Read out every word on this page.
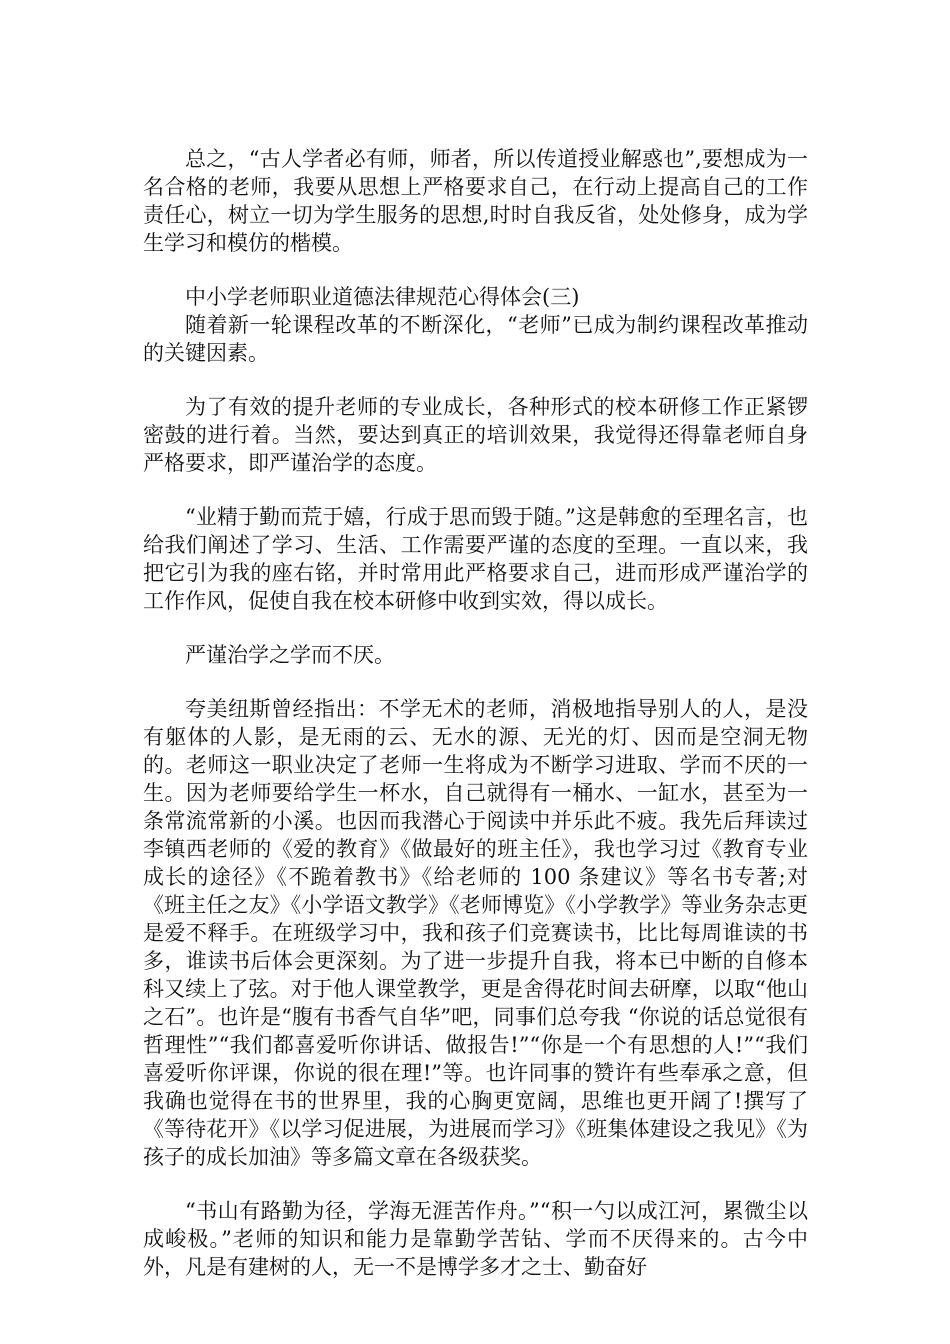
总之，“古人学者必有师，师者，所以传道授业解惑也”,要想成为一名合格的老师，我要从思想上严格要求自己，在行动上提高自己的工作责任心，树立一切为学生服务的思想,时时自我反省，处处修身，成为学生学习和模仿的楷模。

中小学老师职业道德法律规范心得体会(三)

随着新一轮课程改革的不断深化，“老师”已成为制约课程改革推动的关键因素。

为了有效的提升老师的专业成长，各种形式的校本研修工作正紧锣密鼓的进行着。当然，要达到真正的培训效果，我觉得还得靠老师自身严格要求，即严谨治学的态度。

“业精于勤而荒于嬉，行成于思而毁于随。”这是韩愈的至理名言，也给我们阐述了学习、生活、工作需要严谨的态度的至理。一直以来，我把它引为我的座右铭，并时常用此严格要求自己，进而形成严谨治学的工作作风，促使自我在校本研修中收到实效，得以成长。

严谨治学之学而不厌。

夸美纽斯曾经指出：不学无术的老师，消极地指导别人的人，是没有躯体的人影，是无雨的云、无水的源、无光的灯、因而是空洞无物的。老师这一职业决定了老师一生将成为不断学习进取、学而不厌的一生。因为老师要给学生一杯水，自己就得有一桶水、一缸水，甚至为一条常流常新的小溪。也因而我潜心于阅读中并乐此不疲。我先后拜读过李镇西老师的《爱的教育》《做最好的班主任》，我也学习过《教育专业成长的途径》《不跪着教书》《给老师的 100 条建议》等名书专著;对《班主任之友》《小学语文教学》《老师博览》《小学教学》等业务杂志更是爱不释手。在班级学习中，我和孩子们竞赛读书，比比每周谁读的书多，谁读书后体会更深刻。为了进一步提升自我，将本已中断的自修本科又续上了弦。对于他人课堂教学，更是舍得花时间去研摩，以取“他山之石”。也许是“腹有书香气自华”吧，同事们总夸我 “你说的话总觉很有哲理性”“我们都喜爱听你讲话、做报告!”“你是一个有思想的人!”“我们喜爱听你评课，你说的很在理!”等。也许同事的赞许有些奉承之意，但我确也觉得在书的世界里，我的心胸更宽阔，思维也更开阔了!撰写了《等待花开》《以学习促进展，为进展而学习》《班集体建设之我见》《为孩子的成长加油》等多篇文章在各级获奖。

“书山有路勤为径，学海无涯苦作舟。”“积一勺以成江河，累微尘以成峻极。”老师的知识和能力是靠勤学苦钻、学而不厌得来的。古今中外，凡是有建树的人，无一不是博学多才之士、勤奋好
